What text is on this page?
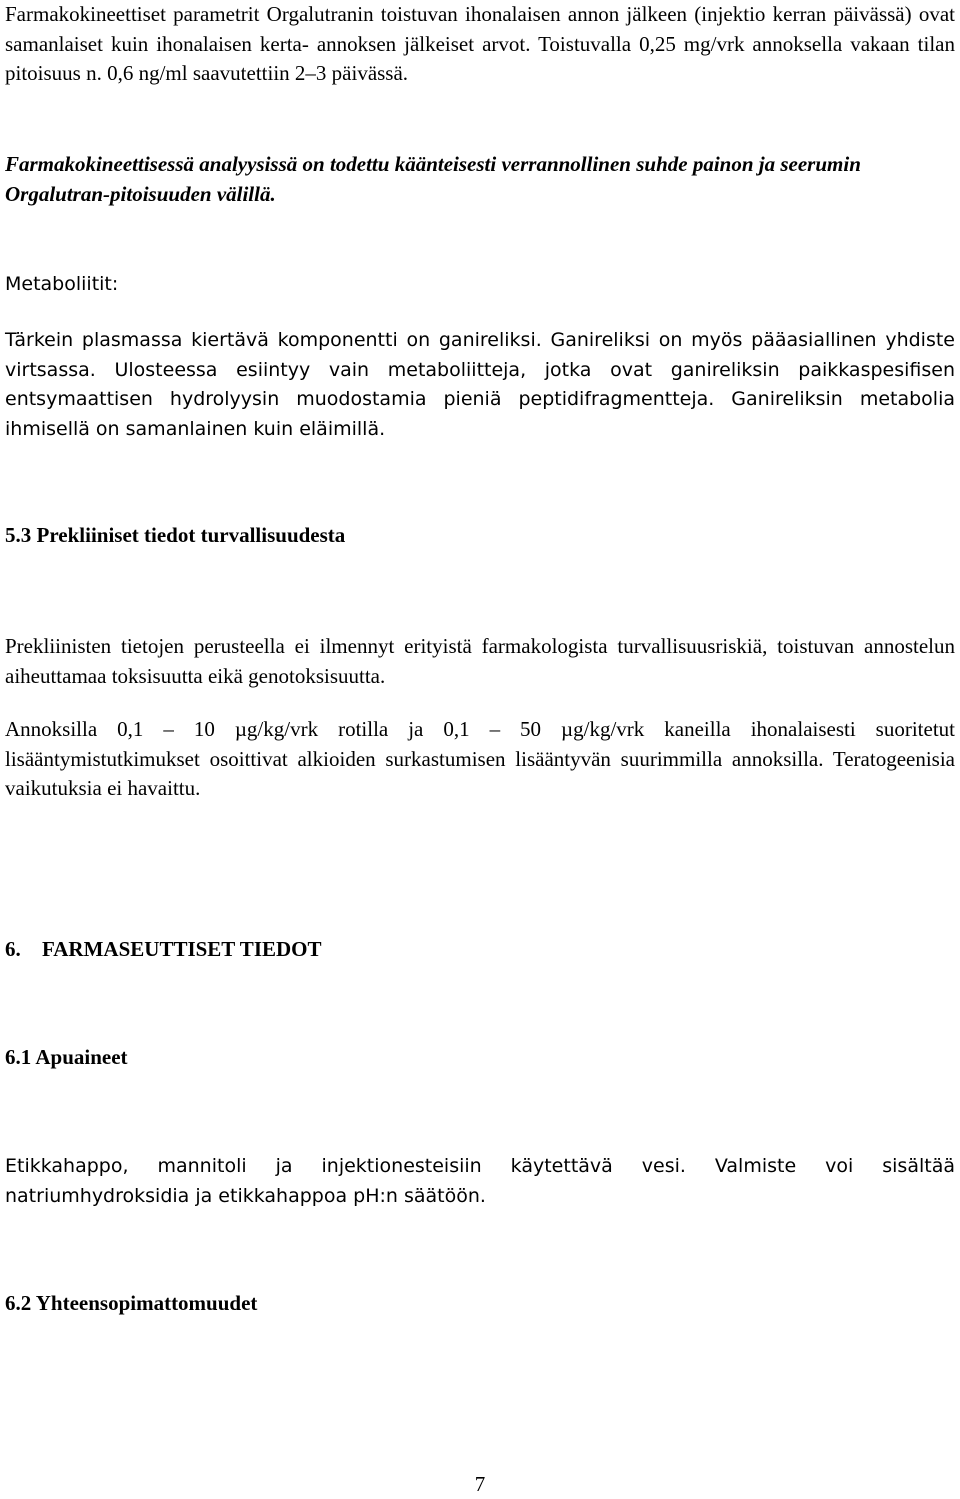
Farmakokineettiset parametrit Orgalutranin toistuvan ihonalaisen annon jälkeen (injektio kerran päivässä) ovat samanlaiset kuin ihonalaisen kerta- annoksen jälkeiset arvot. Toistuvalla 0,25 mg/vrk annoksella vakaan tilan pitoisuus n. 0,6 ng/ml saavutettiin 2–3 päivässä.

Farmakokineettisessä analyysissä on todettu käänteisesti verrannollinen suhde painon ja seerumin Orgalutran-pitoisuuden välillä.

Metaboliitit:

Tärkein plasmassa kiertävä komponentti on ganireliksi. Ganireliksi on myös pääasiallinen yhdiste virtsassa. Ulosteessa esiintyy vain metaboliitteja, jotka ovat ganireliksin paikkaspesifisen entsymaattisen hydrolyysin muodostamia pieniä peptidifragmentteja. Ganireliksin metabolia ihmisellä on samanlainen kuin eläimillä.

5.3 Prekliiniset tiedot turvallisuudesta

Prekliinisten tietojen perusteella ei ilmennyt erityistä farmakologista turvallisuusriskiä, toistuvan annostelun aiheuttamaa toksisuutta eikä genotoksisuutta.

Annoksilla 0,1 – 10 µg/kg/vrk rotilla ja 0,1 – 50 µg/kg/vrk kaneilla ihonalaisesti suoritetut lisääntymistutkimukset osoittivat alkioiden surkastumisen lisääntyvän suurimmilla annoksilla. Teratogeenisia vaikutuksia ei havaittu.

6. FARMASEUTTISET TIEDOT
6.1 Apuaineet

Etikkahappo, mannitoli ja injektionesteisiin käytettävä vesi. Valmiste voi sisältää natriumhydroksidia ja etikkahappoa pH:n säätöön.

6.2 Yhteensopimattomuudet
7
